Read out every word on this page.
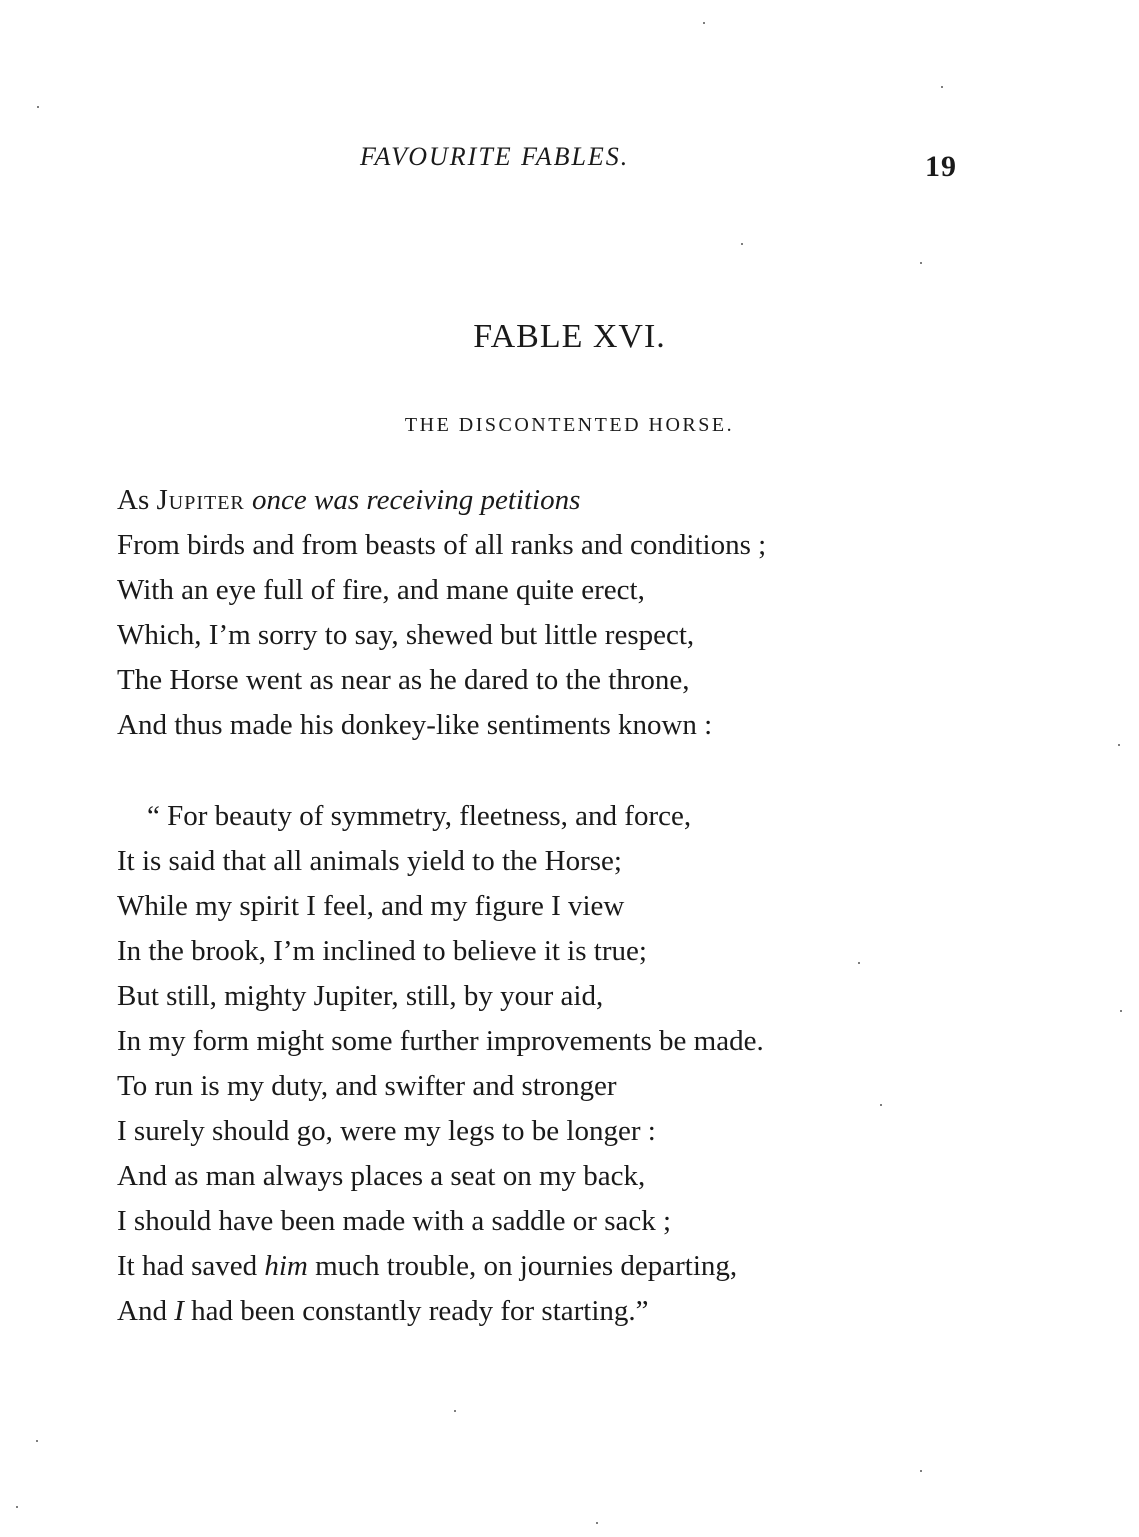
FAVOURITE FABLES.	19
FABLE XVI.
THE DISCONTENTED HORSE.
As Jupiter once was receiving petitions
From birds and from beasts of all ranks and conditions ;
With an eye full of fire, and mane quite erect,
Which, I’m sorry to say, shewed but little respect,
The Horse went as near as he dared to the throne,
And thus made his donkey-like sentiments known :
“ For beauty of symmetry, fleetness, and force,
It is said that all animals yield to the Horse;
While my spirit I feel, and my figure I view
In the brook, I’m inclined to believe it is true;
But still, mighty Jupiter, still, by your aid,
In my form might some further improvements be made.
To run is my duty, and swifter and stronger
I surely should go, were my legs to be longer :
And as man always places a seat on my back,
I should have been made with a saddle or sack ;
It had saved him much trouble, on journies departing,
And I had been constantly ready for starting.”
